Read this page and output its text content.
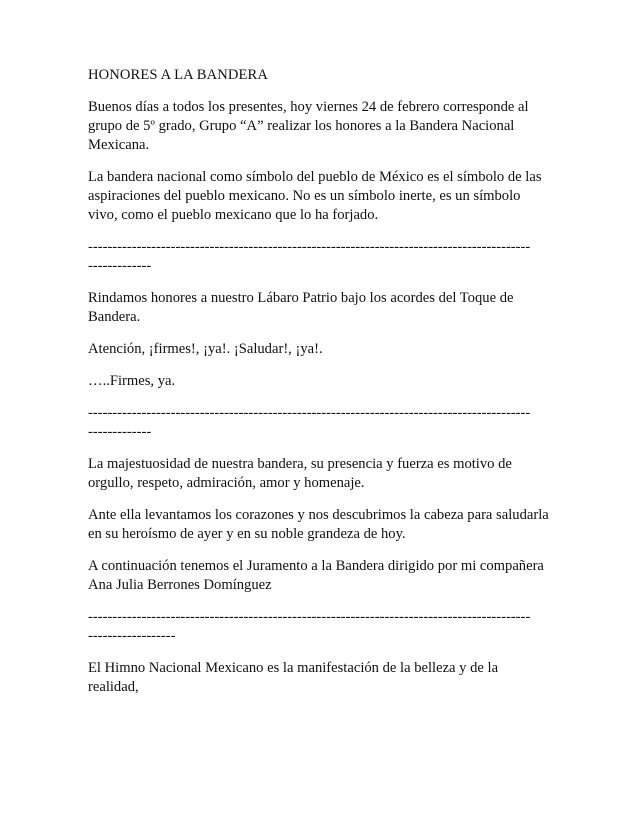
HONORES A LA BANDERA

Buenos días a todos los presentes, hoy viernes 24 de febrero corresponde al grupo de 5º grado, Grupo “A” realizar los honores a la Bandera Nacional Mexicana.

La bandera nacional como símbolo del pueblo de México es el símbolo de las aspiraciones del pueblo mexicano. No es un símbolo inerte, es un símbolo vivo, como el pueblo mexicano que lo ha forjado.

-------------------------------------------------------------------------------------------
-------------

Rindamos honores a nuestro Lábaro Patrio bajo los acordes del Toque de Bandera.

Atención, ¡firmes!, ¡ya!. ¡Saludar!, ¡ya!.

…..Firmes, ya.

-------------------------------------------------------------------------------------------
-------------

La majestuosidad de nuestra bandera, su presencia y fuerza es motivo de orgullo, respeto, admiración, amor y homenaje.

Ante ella levantamos los corazones y nos descubrimos la cabeza para saludarla en su heroísmo de ayer y en su noble grandeza de hoy.

A continuación tenemos el Juramento a la Bandera dirigido por mi compañera Ana Julia Berrones Domínguez

-------------------------------------------------------------------------------------------
------------------

El Himno Nacional Mexicano es la manifestación de la belleza y de la realidad,
